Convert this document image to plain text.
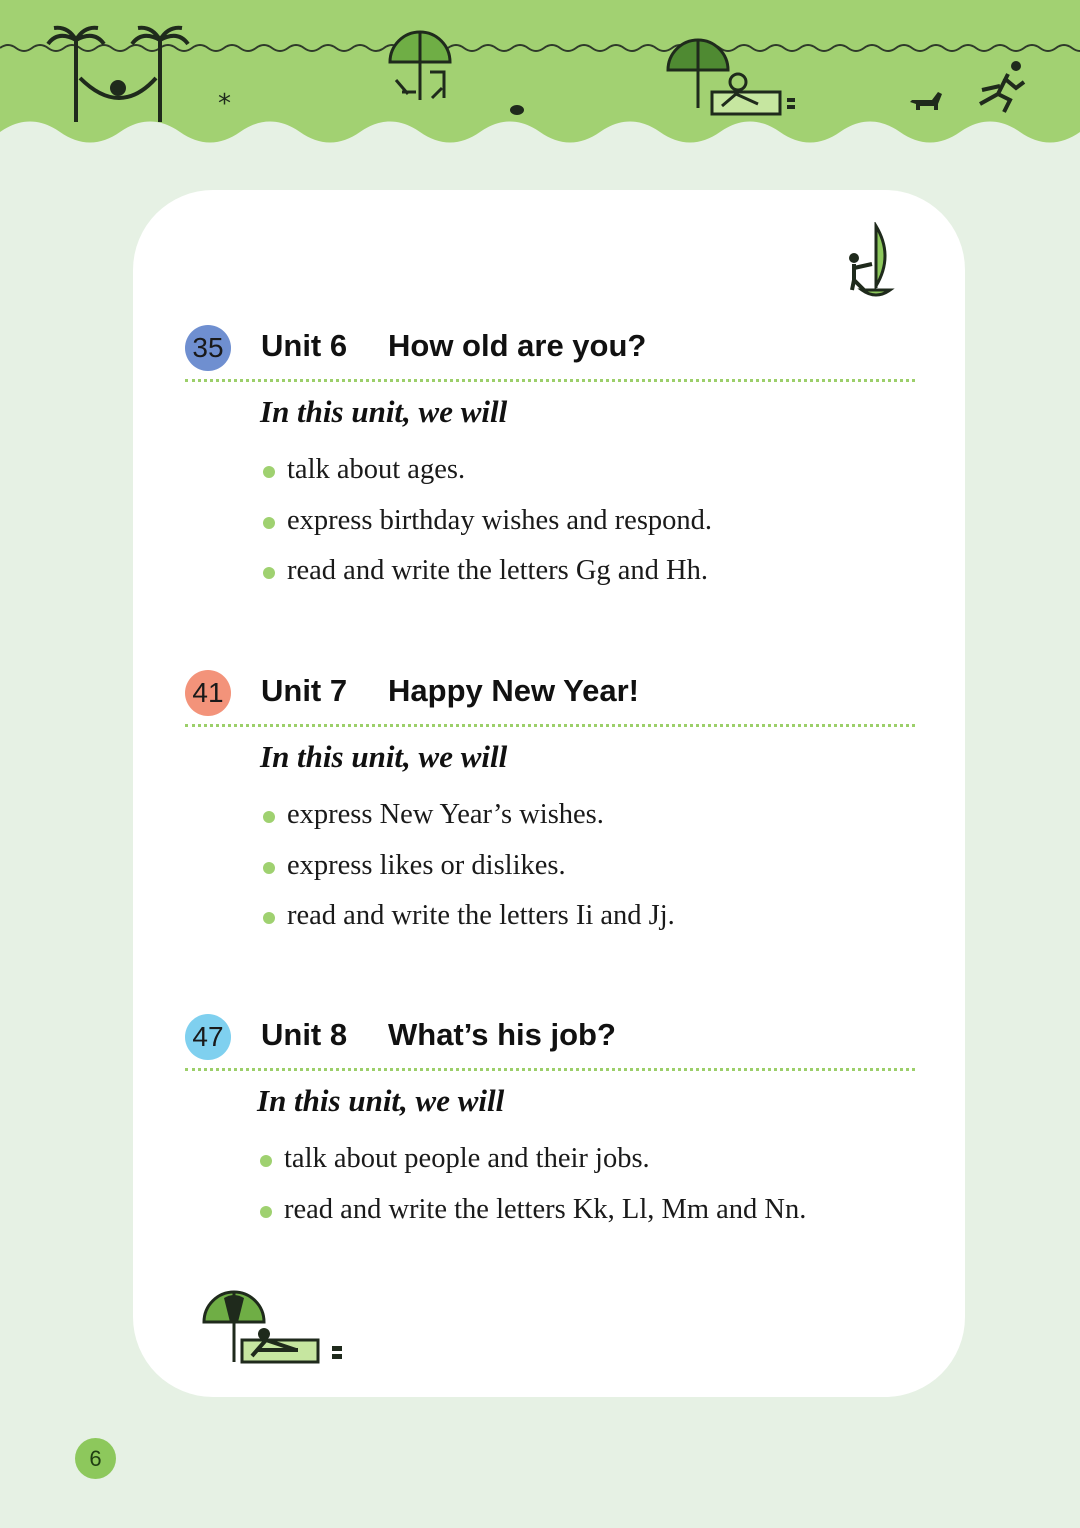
*
35 Unit 6 How old are you?
In this unit, we will
talk about ages.
express birthday wishes and respond.
read and write the letters Gg and Hh.
41 Unit 7 Happy New Year!
In this unit, we will
express New Year’s wishes.
express likes or dislikes.
read and write the letters Ii and Jj.
47 Unit 8 What’s his job?
In this unit, we will
talk about people and their jobs.
read and write the letters Kk, Ll, Mm and Nn.
6
